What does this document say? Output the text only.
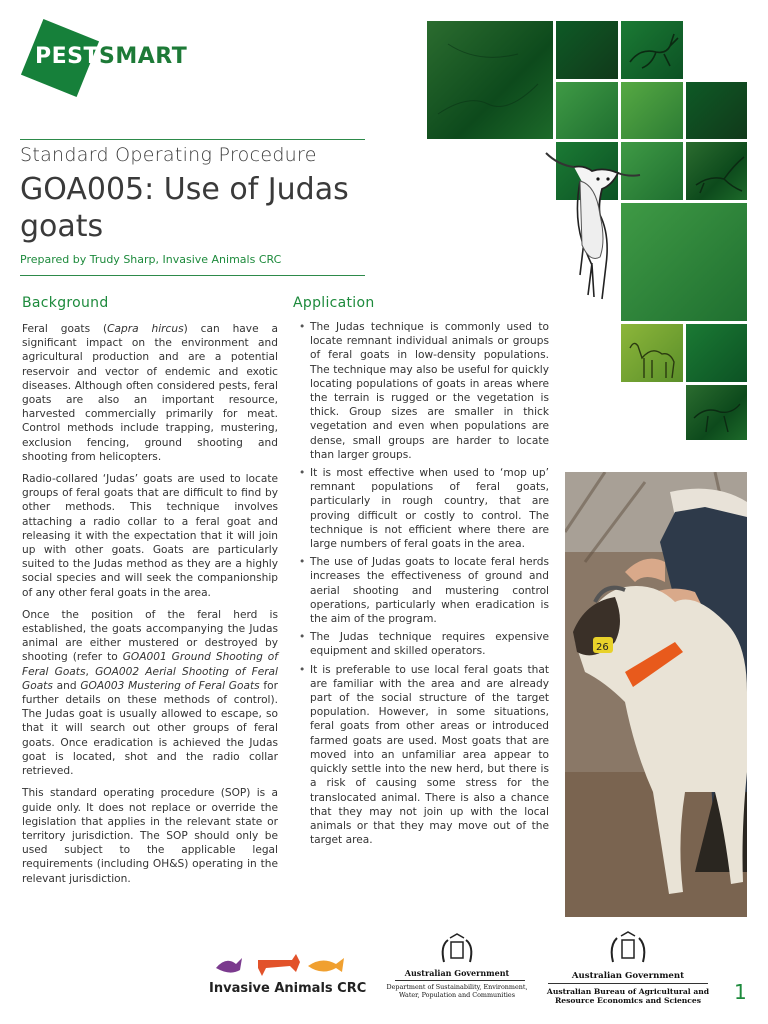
PESTSMART
Standard Operating Procedure
GOA005: Use of Judas goats
Prepared by Trudy Sharp, Invasive Animals CRC
Background

Feral goats (Capra hircus) can have a significant impact on the environment and agricultural production and are a potential reservoir and vector of endemic and exotic diseases. Although often considered pests, feral goats are also an important resource, harvested commercially primarily for meat. Control methods include trapping, mustering, exclusion fencing, ground shooting and shooting from helicopters.

Radio-collared ‘Judas’ goats are used to locate groups of feral goats that are difficult to find by other methods. This technique involves attaching a radio collar to a feral goat and releasing it with the expectation that it will join up with other goats. Goats are particularly suited to the Judas method as they are a highly social species and will seek the companionship of any other feral goats in the area.

Once the position of the feral herd is established, the goats accompanying the Judas animal are either mustered or destroyed by shooting (refer to GOA001 Ground Shooting of Feral Goats, GOA002 Aerial Shooting of Feral Goats and GOA003 Mustering of Feral Goats for further details on these methods of control). The Judas goat is usually allowed to escape, so that it will search out other groups of feral goats. Once eradication is achieved the Judas goat is located, shot and the radio collar retrieved.

This standard operating procedure (SOP) is a guide only. It does not replace or override the legislation that applies in the relevant state or territory jurisdiction. The SOP should only be used subject to the applicable legal requirements (including OH&S) operating in the relevant jurisdiction.

Application
• The Judas technique is commonly used to locate remnant individual animals or groups of feral goats in low-density populations. The technique may also be useful for quickly locating populations of goats in areas where the terrain is rugged or the vegetation is thick. Group sizes are smaller in thick vegetation and even when populations are dense, small groups are harder to locate than larger groups.
• It is most effective when used to ‘mop up’ remnant populations of feral goats, particularly in rough country, that are proving difficult or costly to control. The technique is not efficient where there are large numbers of feral goats in the area.
• The use of Judas goats to locate feral herds increases the effectiveness of ground and aerial shooting and mustering control operations, particularly when eradication is the aim of the program.
• The Judas technique requires expensive equipment and skilled operators.
• It is preferable to use local feral goats that are familiar with the area and are already part of the social structure of the target population. However, in some situations, feral goats from other areas or introduced farmed goats are used. Most goats that are moved into an unfamiliar area appear to quickly settle into the new herd, but there is a risk of causing some stress for the translocated animal. There is also a chance that they may not join up with the local animals or that they may move out of the target area.
26
Invasive Animals CRC
Australian Government
Department of Sustainability, Environment, Water, Population and Communities
Australian Government
Australian Bureau of Agricultural and Resource Economics and Sciences	1
